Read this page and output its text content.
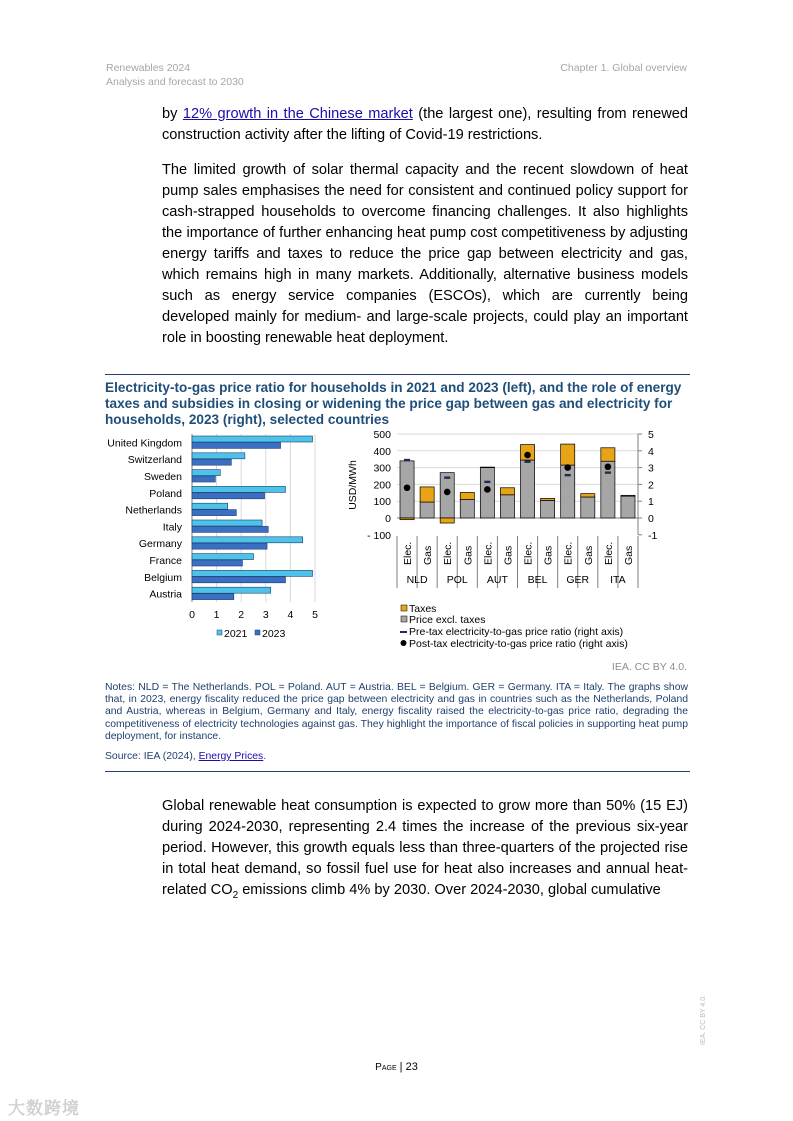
Renewables 2024
Analysis and forecast to 2030
Chapter 1. Global overview
by 12% growth in the Chinese market (the largest one), resulting from renewed construction activity after the lifting of Covid-19 restrictions.
The limited growth of solar thermal capacity and the recent slowdown of heat pump sales emphasises the need for consistent and continued policy support for cash-strapped households to overcome financing challenges. It also highlights the importance of further enhancing heat pump cost competitiveness by adjusting energy tariffs and taxes to reduce the price gap between electricity and gas, which remains high in many markets. Additionally, alternative business models such as energy service companies (ESCOs), which are currently being developed mainly for medium- and large-scale projects, could play an important role in boosting renewable heat deployment.
Electricity-to-gas price ratio for households in 2021 and 2023 (left), and the role of energy taxes and subsidies in closing or widening the price gap between gas and electricity for households, 2023 (right), selected countries
0 1 2 3 4 5
United Kingdom
Switzerland
Sweden
Poland
Netherlands
Italy
Germany
France
Belgium
Austria
2021 2023
- 100
0
100
200
300
400
500
-1
0
1
2
3
4
5
USD/MWh
Elec. Gas Elec. Gas Elec. Gas Elec. Gas Elec. Gas Elec. Gas
NLD POL AUT BEL GER ITA
Taxes
Price excl. taxes
Pre-tax electricity-to-gas price ratio (right axis)
Post-tax electricity-to-gas price ratio (right axis)
IEA. CC BY 4.0.
Notes: NLD = The Netherlands. POL = Poland. AUT = Austria. BEL = Belgium. GER = Germany. ITA = Italy. The graphs show that, in 2023, energy fiscality reduced the price gap between electricity and gas in countries such as the Netherlands, Poland and Austria, whereas in Belgium, Germany and Italy, energy fiscality raised the electricity-to-gas price ratio, degrading the competitiveness of electricity technologies against gas. They highlight the importance of fiscal policies in supporting heat pump deployment, for instance.
Source: IEA (2024), Energy Prices.
Global renewable heat consumption is expected to grow more than 50% (15 EJ) during 2024-2030, representing 2.4 times the increase of the previous six-year period. However, this growth equals less than three-quarters of the projected rise in total heat demand, so fossil fuel use for heat also increases and annual heat-related $CO_2$ emissions climb 4% by 2030. Over 2024-2030, global cumulative
Page | 23
IEA. CC BY 4.0.
大数跨境
